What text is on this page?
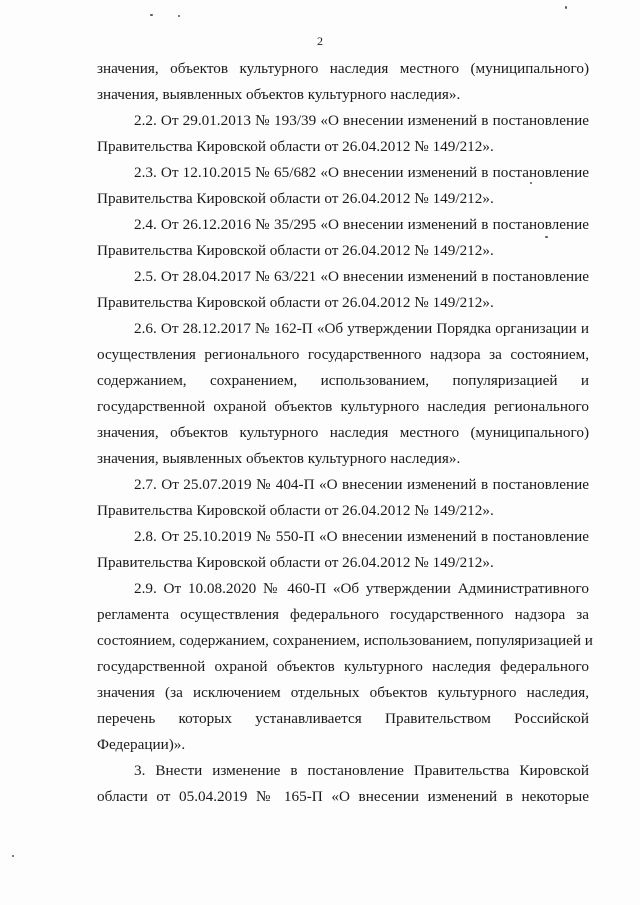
2
значения, объектов культурного наследия местного (муниципального)
значения, выявленных объектов культурного наследия».
2.2. От 29.01.2013 № 193/39 «О внесении изменений в постановление
Правительства Кировской области от 26.04.2012 № 149/212».
2.3. От 12.10.2015 № 65/682 «О внесении изменений в постановление
Правительства Кировской области от 26.04.2012 № 149/212».
2.4. От 26.12.2016 № 35/295 «О внесении изменений в постановление
Правительства Кировской области от 26.04.2012 № 149/212».
2.5. От 28.04.2017 № 63/221 «О внесении изменений в постановление
Правительства Кировской области от 26.04.2012 № 149/212».
2.6. От 28.12.2017 № 162-П «Об утверждении Порядка организации и
осуществления регионального государственного надзора за состоянием,
содержанием, сохранением, использованием, популяризацией и
государственной охраной объектов культурного наследия регионального
значения, объектов культурного наследия местного (муниципального)
значения, выявленных объектов культурного наследия».
2.7. От 25.07.2019 № 404-П «О внесении изменений в постановление
Правительства Кировской области от 26.04.2012 № 149/212».
2.8. От 25.10.2019 № 550-П «О внесении изменений в постановление
Правительства Кировской области от 26.04.2012 № 149/212».
2.9. От 10.08.2020 № 460-П «Об утверждении Административного
регламента осуществления федерального государственного надзора за
состоянием, содержанием, сохранением, использованием, популяризацией и
государственной охраной объектов культурного наследия федерального
значения (за исключением отдельных объектов культурного наследия,
перечень которых устанавливается Правительством Российской
Федерации)».
3. Внести изменение в постановление Правительства Кировской
области от 05.04.2019 № 165-П «О внесении изменений в некоторые
